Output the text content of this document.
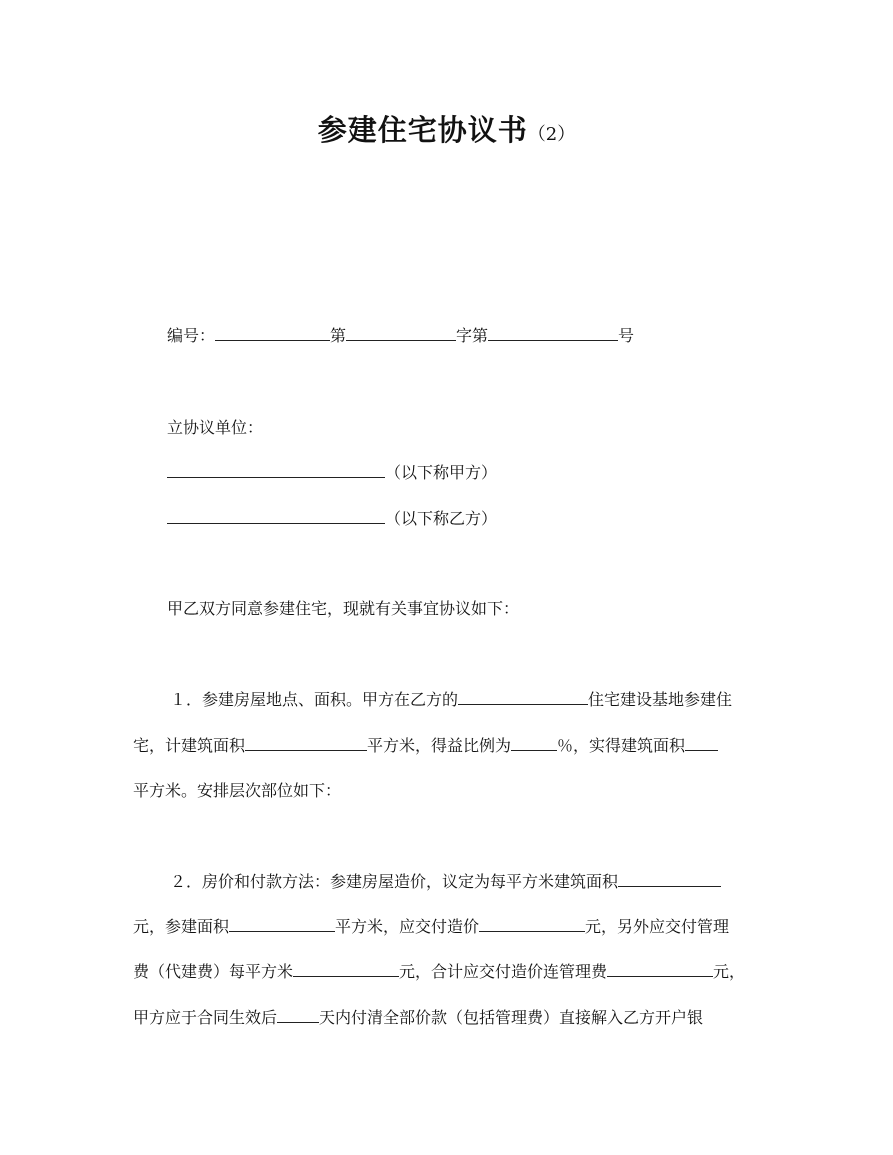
参建住宅协议书（2）
编号：	第	字第	号
立协议单位：
（以下称甲方）
（以下称乙方）
甲乙双方同意参建住宅，现就有关事宜协议如下：
１．参建房屋地点、面积。甲方在乙方的	住宅建设基地参建住
宅，计建筑面积	平方米，得益比例为	％，实得建筑面积
平方米。安排层次部位如下：
２．房价和付款方法：参建房屋造价，议定为每平方米建筑面积
元，参建面积	平方米，应交付造价	元，另外应交付管理
费（代建费）每平方米	元，合计应交付造价连管理费	元，
甲方应于合同生效后	天内付清全部价款（包括管理费）直接解入乙方开户银
